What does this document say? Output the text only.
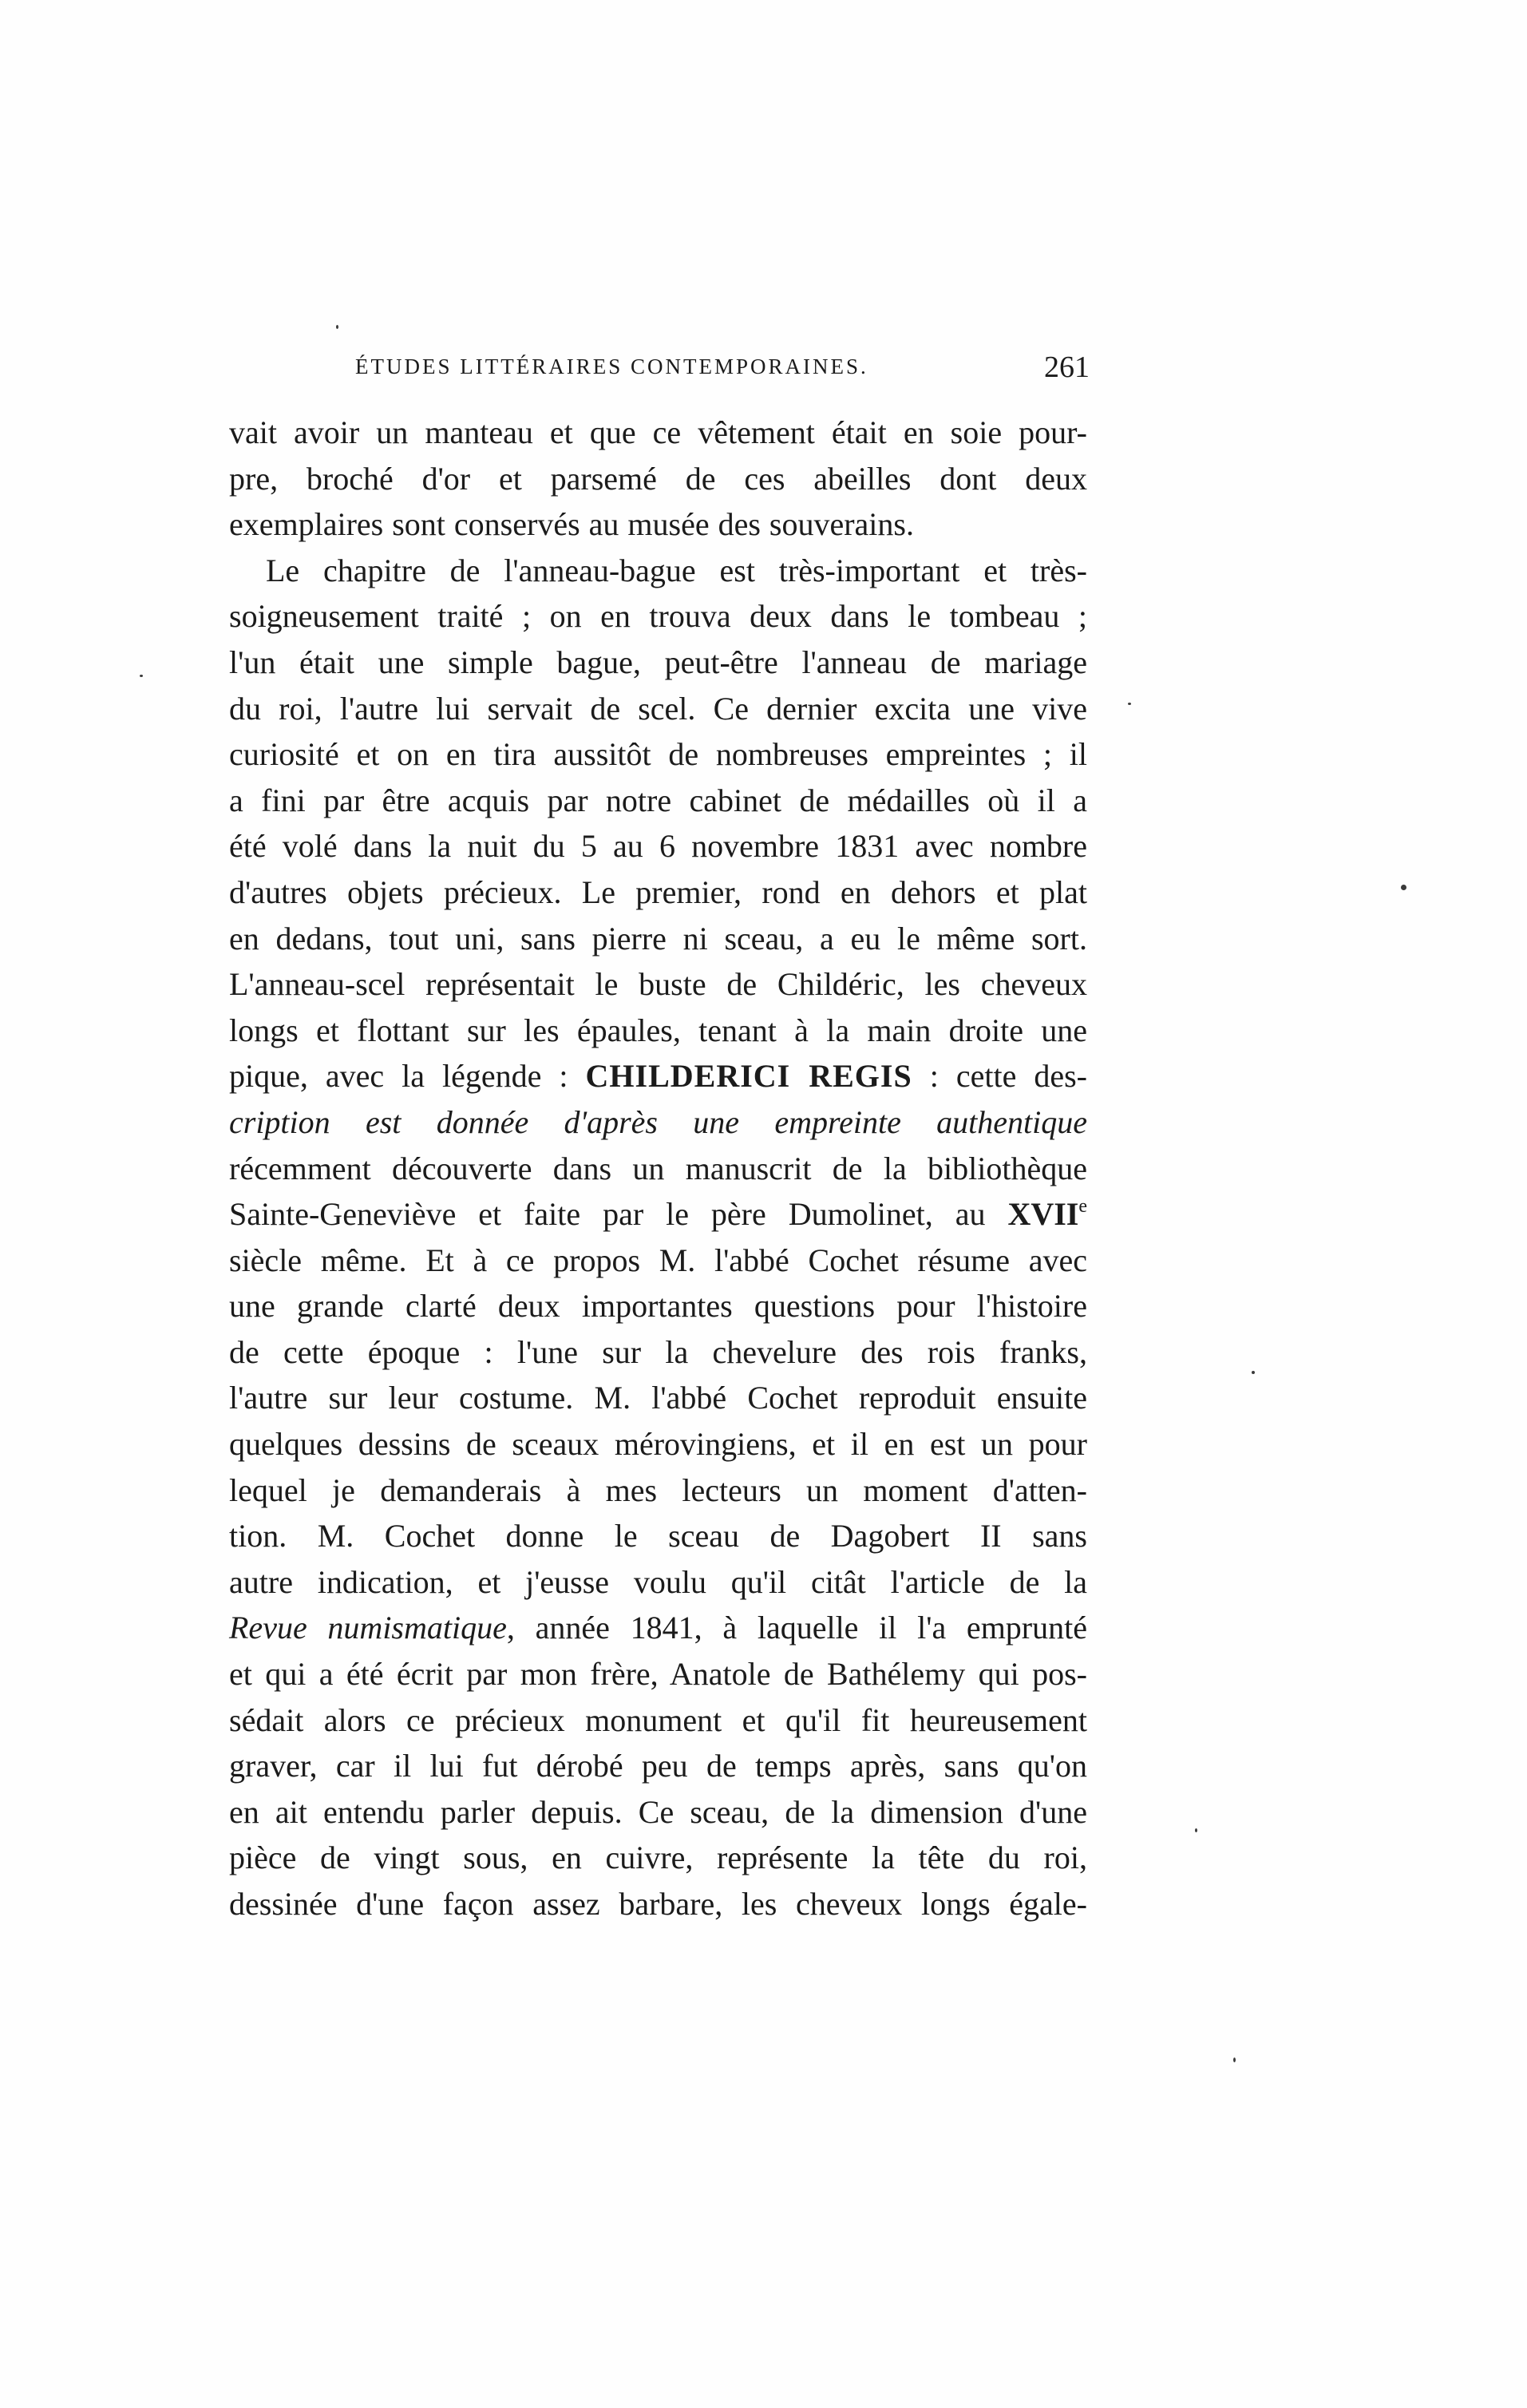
ÉTUDES LITTÉRAIRES CONTEMPORAINES.	261
vait avoir un manteau et que ce vêtement était en soie pour-
pre, broché d'or et parsemé de ces abeilles dont deux
exemplaires sont conservés au musée des souverains.
Le chapitre de l'anneau-bague est très-important et très-
soigneusement traité ; on en trouva deux dans le tombeau ;
l'un était une simple bague, peut-être l'anneau de mariage
du roi, l'autre lui servait de scel. Ce dernier excita une vive
curiosité et on en tira aussitôt de nombreuses empreintes ; il
a fini par être acquis par notre cabinet de médailles où il a
été volé dans la nuit du 5 au 6 novembre 1831 avec nombre
d'autres objets précieux. Le premier, rond en dehors et plat
en dedans, tout uni, sans pierre ni sceau, a eu le même sort.
L'anneau-scel représentait le buste de Childéric, les cheveux
longs et flottant sur les épaules, tenant à la main droite une
pique, avec la légende : CHILDERICI REGIS : cette des-
cription est donnée d'après une empreinte authentique
récemment découverte dans un manuscrit de la bibliothèque
Sainte-Geneviève et faite par le père Dumolinet, au XVIIe
siècle même. Et à ce propos M. l'abbé Cochet résume avec
une grande clarté deux importantes questions pour l'histoire
de cette époque : l'une sur la chevelure des rois franks,
l'autre sur leur costume. M. l'abbé Cochet reproduit ensuite
quelques dessins de sceaux mérovingiens, et il en est un pour
lequel je demanderais à mes lecteurs un moment d'atten-
tion. M. Cochet donne le sceau de Dagobert II sans
autre indication, et j'eusse voulu qu'il citât l'article de la
Revue numismatique, année 1841, à laquelle il l'a emprunté
et qui a été écrit par mon frère, Anatole de Bathélemy qui pos-
sédait alors ce précieux monument et qu'il fit heureusement
graver, car il lui fut dérobé peu de temps après, sans qu'on
en ait entendu parler depuis. Ce sceau, de la dimension d'une
pièce de vingt sous, en cuivre, représente la tête du roi,
dessinée d'une façon assez barbare, les cheveux longs égale-
